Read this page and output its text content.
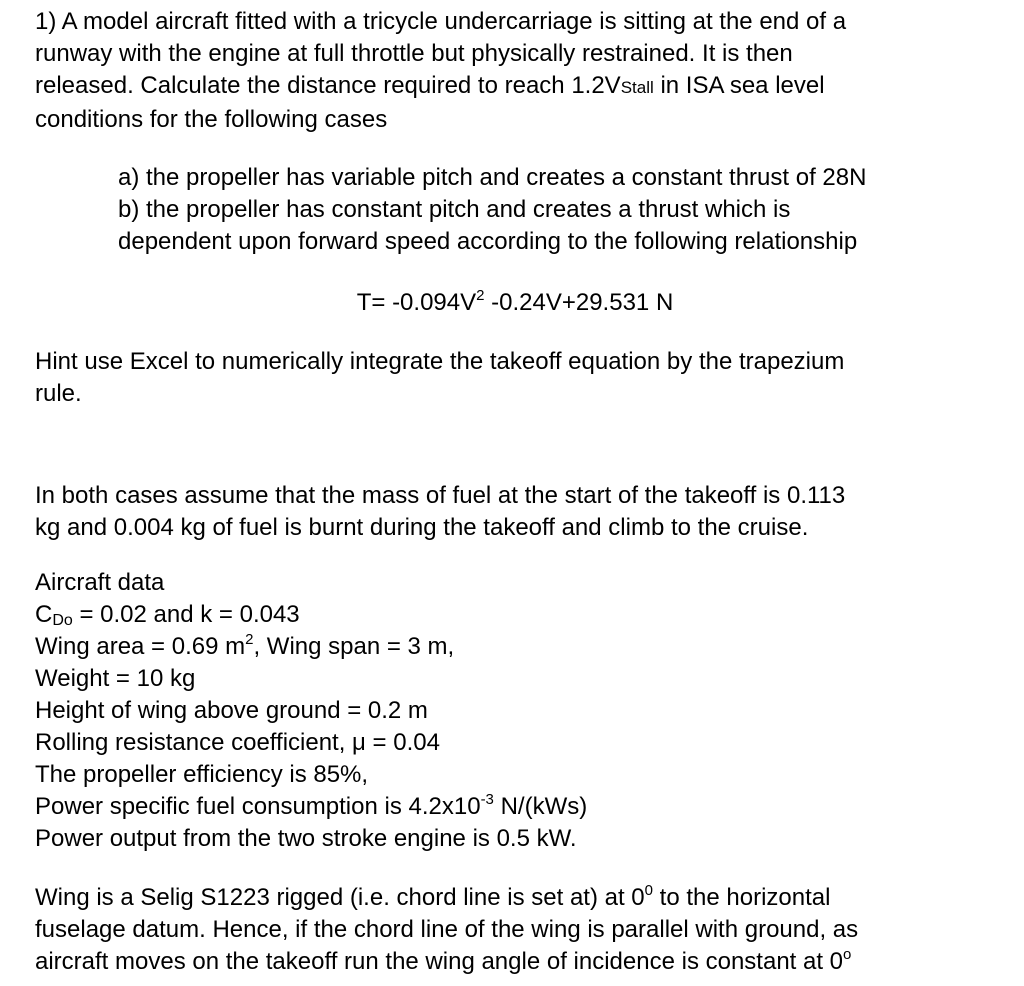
1) A model aircraft fitted with a tricycle undercarriage is sitting at the end of a
runway with the engine at full throttle but physically restrained. It is then
released. Calculate the distance required to reach 1.2VStall in ISA sea level
conditions for the following cases
a) the propeller has variable pitch and creates a constant thrust of 28N
b) the propeller has constant pitch and creates a thrust which is
dependent upon forward speed according to the following relationship
$T= -0.094V^2$ -0.24V+29.531 N
Hint use Excel to numerically integrate the takeoff equation by the trapezium
rule.
In both cases assume that the mass of fuel at the start of the takeoff is 0.113
kg and 0.004 kg of fuel is burnt during the takeoff and climb to the cruise.
Aircraft data
$C_{Do} = 0.02$ and k = 0.043
Wing area = 0.69 $m^2$, Wing span = 3 m,
Weight = 10 kg
Height of wing above ground = 0.2 m
Rolling resistance coefficient, μ = 0.04
The propeller efficiency is 85%,
Power specific fuel consumption is $4.2x10^{-3}$ N/(kWs)
Power output from the two stroke engine is 0.5 kW.
Wing is a Selig S1223 rigged (i.e. chord line is set at) at $0^0$ to the horizontal
fuselage datum. Hence, if the chord line of the wing is parallel with ground, as
aircraft moves on the takeoff run the wing angle of incidence is constant at 0$^o$
